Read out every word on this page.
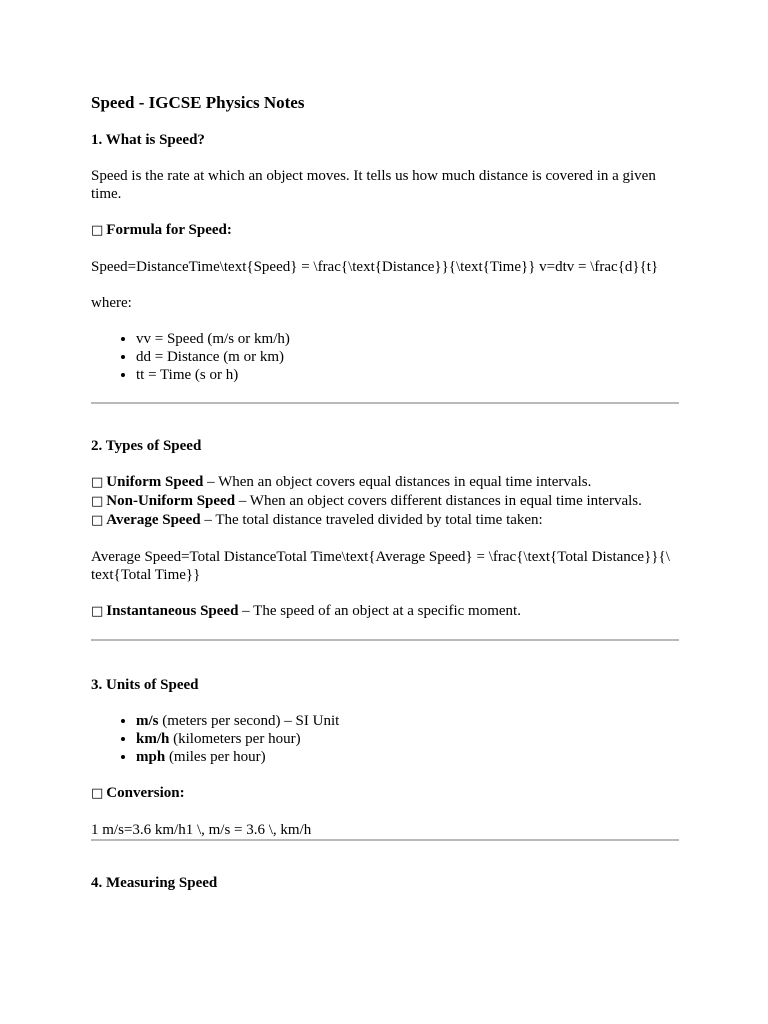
Speed - IGCSE Physics Notes
1. What is Speed?

Speed is the rate at which an object moves. It tells us how much distance is covered in a given time.

□ Formula for Speed:

Speed=DistanceTime\text{Speed} = \frac{\text{Distance}}{\text{Time}} v=dtv = \frac{d}{t}

where:

• vv = Speed (m/s or km/h)
• dd = Distance (m or km)
• tt = Time (s or h)
2. Types of Speed

□ Uniform Speed – When an object covers equal distances in equal time intervals.

□ Non-Uniform Speed – When an object covers different distances in equal time intervals.

□ Average Speed – The total distance traveled divided by total time taken:

Average Speed=Total DistanceTotal Time\text{Average Speed} = \frac{\text{Total Distance}}{\
text{Total Time}}

□ Instantaneous Speed – The speed of an object at a specific moment.

3. Units of Speed
• m/s (meters per second) – SI Unit
• km/h (kilometers per hour)
• mph (miles per hour)

□ Conversion:

1 m/s=3.6 km/h1 \, m/s = 3.6 \, km/h

4. Measuring Speed
